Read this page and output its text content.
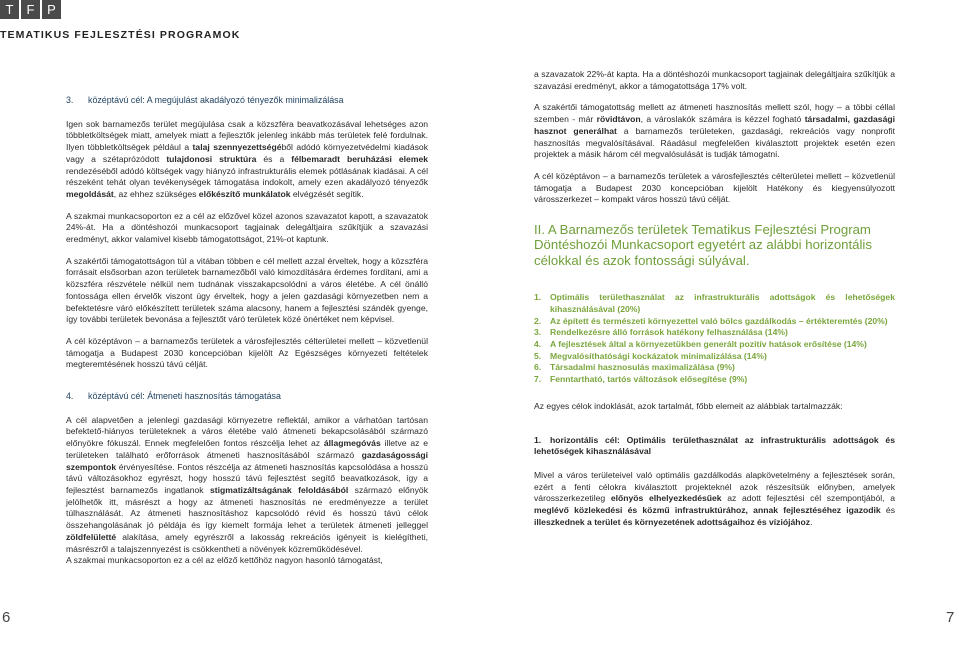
T	F P
TEMATIKUS FEJLESZTÉSI PROGRAMOK
3. középtávú cél: A megújulást akadályozó tényezők minimalizálása

Igen sok barnamezős terület megújulása csak a közszféra beavatkozásával lehetséges azon többletköltségek miatt, amelyek miatt a fejlesztők jelenleg inkább más területek felé fordulnak. Ilyen többletköltségek például a talaj szennyezettségéből adódó környezetvédelmi kiadások vagy a szétaprózódott tulajdonosi struktúra és a félbemaradt beruházási elemek rendezéséből adódó költségek vagy hiányzó infrastrukturális elemek pótlásának kiadásai. A cél részeként tehát olyan tevékenységek támogatása indokolt, amely ezen akadályozó tényezők megoldását, az ehhez szükséges előkészítő munkálatok elvégzését segítik.

A szakmai munkacsoporton ez a cél az előzővel közel azonos szavazatot kapott, a szavazatok 24%-át. Ha a döntéshozói munkacsoport tagjainak delegáltjaira szűkítjük a szavazási eredményt, akkor valamivel kisebb támogatottságot, 21%-ot kaptunk.

A szakértői támogatottságon túl a vitában többen e cél mellett azzal érveltek, hogy a közszféra forrásait elsősorban azon területek barnamezőből való kimozdítására érdemes fordítani, ami a közszféra részvétele nélkül nem tudnának visszakapcsolódni a város életébe. A cél önálló fontossága ellen érvelők viszont úgy érveltek, hogy a jelen gazdasági környezetben nem a befektetésre váró előkészített területek száma alacsony, hanem a fejlesztési szándék gyenge, így további területek bevonása a fejlesztőt váró területek közé önértéket nem képvisel.

A cél középtávon – a barnamezős területek a városfejlesztés célterületei mellett – közvetlenül támogatja a Budapest 2030 koncepcióban kijelölt Az Egészséges környezeti feltételek megteremtésének hosszú távú célját.

4. középtávú cél: Átmeneti hasznosítás támogatása

A cél alapvetően a jelenlegi gazdasági környezetre reflektál, amikor a várhatóan tartósan befektető-hiányos területeknek a város életébe való átmeneti bekapcsolásából származó előnyökre fókuszál. Ennek megfelelően fontos részcélja lehet az állagmegóvás illetve az e területeken található erőforrások átmeneti hasznosításából származó gazdaságossági szempontok érvényesítése. Fontos részcélja az átmeneti hasznosítás kapcsolódása a hosszú távú változásokhoz egyrészt, hogy hosszú távú fejlesztést segítő beavatkozások, így a fejlesztést barnamezős ingatlanok stigmatizáltságának feloldásából származó előnyök jelölhetők itt, másrészt a hogy az átmeneti hasznosítás ne eredményezze a terület túlhasználását. Az átmeneti hasznosításhoz kapcsolódó révid és hosszú távú célok összehangolásának jó példája és így kiemelt formája lehet a területek átmeneti jelleggel zöldfelületté alakítása, amely egyrészről a lakosság rekreációs igényeit is kielégítheti, másrészről a talajszennyezést is csökkentheti a növények közreműködésével.

A szakmai munkacsoporton ez a cél az előző kettőhöz nagyon hasonló támogatást,

a szavazatok 22%-át kapta. Ha a döntéshozói munkacsoport tagjainak delegáltjaira szűkítjük a szavazási eredményt, akkor a támogatottsága 17% volt.

A szakértői támogatottság mellett az átmeneti hasznosítás mellett szól, hogy – a többi céllal szemben - már rövidtávon, a városlakók számára is kézzel fogható társadalmi, gazdasági hasznot generálhat a barnamezős területeken, gazdasági, rekreációs vagy nonprofit hasznosítás megvalósításával. Ráadásul megfelelően kiválasztott projektek esetén ezen projektek a másik három cél megvalósulását is tudják támogatni.

A cél középtávon – a barnamezős területek a városfejlesztés célterületei mellett – közvetlenül támogatja a Budapest 2030 koncepcióban kijelölt Hatékony és kiegyensúlyozott városszerkezet – kompakt város hosszú távú célját.

II. A Barnamezős területek Tematikus Fejlesztési Program Döntéshozói Munkacsoport egyetért az alábbi horizontális célokkal és azok fontossági súlyával.
1.	Optimális területhasználat az infrastrukturális adottságok és lehetőségek kihasználásával (20%)
2.	Az épített és természeti környezettel való bölcs gazdálkodás – értékteremtés (20%)
3.	Rendelkezésre álló források hatékony felhasználása (14%)
4.	A fejlesztések által a környezetükben generált pozitív hatások erősítése (14%)
5.	Megvalósíthatósági kockázatok minimalizálása (14%)
6.	Társadalmi hasznosulás maximalizálása (9%)
7.	Fenntartható, tartós változások elősegítése (9%)

Az egyes célok indoklását, azok tartalmát, főbb elemeit az alábbiak tartalmazzák:

1. horizontális cél: Optimális területhasználat az infrastrukturális adottságok és lehetőségek kihasználásával

Mivel a város területeivel való optimális gazdálkodás alapkövetelmény a fejlesztések során, ezért a fenti célokra kiválasztott projekteknél azok részesítsük előnyben, amelyek városszerkezetileg előnyös elhelyezkedésűek az adott fejlesztési cél szempontjából, a meglévő közlekedési és közmű infrastruktúrához, annak fejlesztéséhez igazodik és illeszkednek a terület és környezetének adottságaihoz és víziójához.

6	7
